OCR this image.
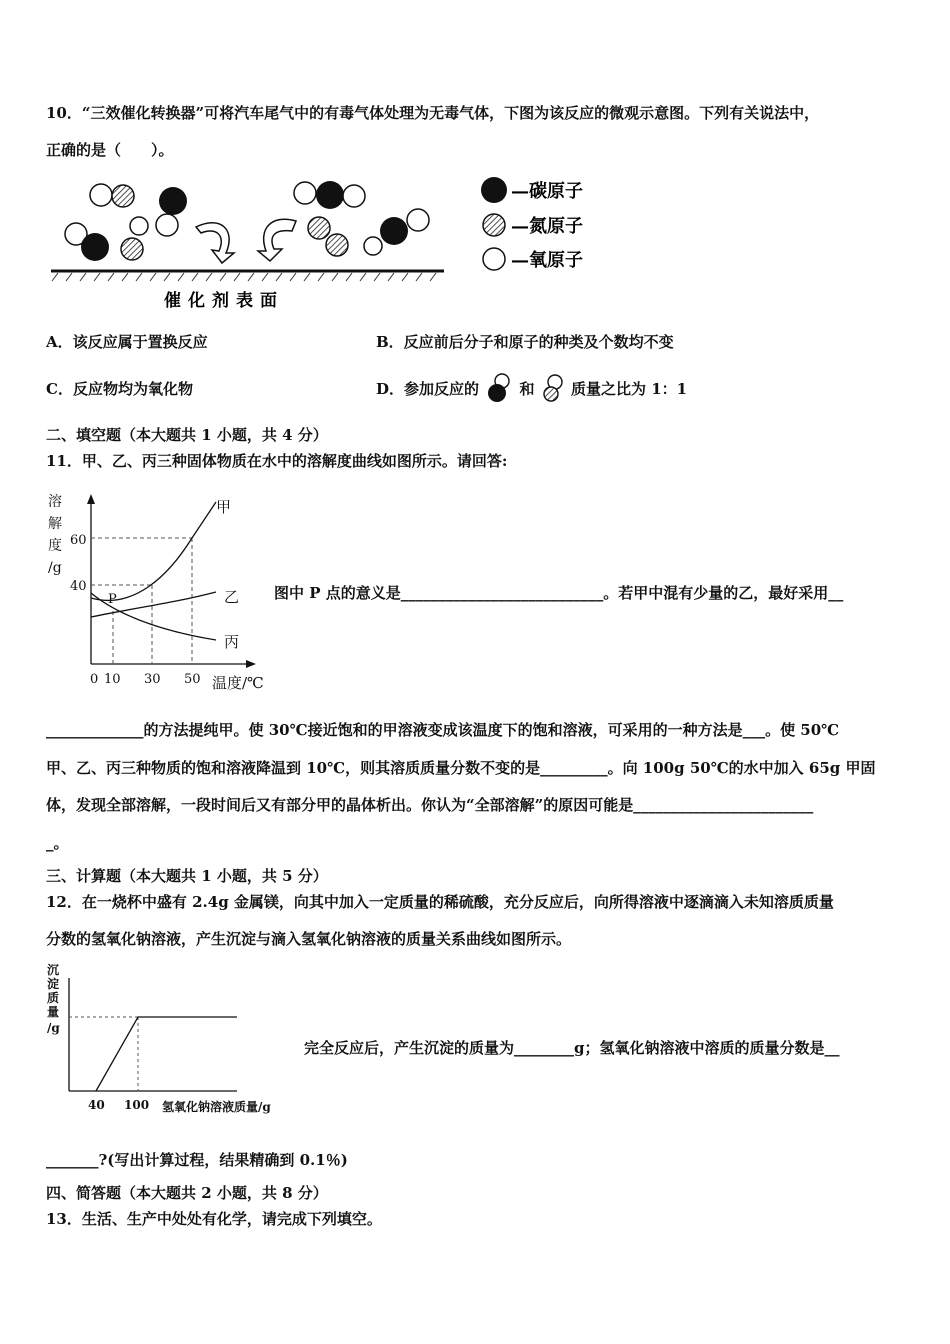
10．“三效催化转换器”可将汽车尾气中的有毒气体处理为无毒气体，下图为该反应的微观示意图。下列有关说法中，
正确的是（　　）。
催化剂表面
—碳原子
—氮原子
—氧原子
A．该反应属于置换反应	B．反应前后分子和原子的种类及个数均不变
C．反应物均为氧化物	D．参加反应的	和 质量之比为 1：1
二、填空题（本大题共 1 小题，共 4 分）
11．甲、乙、丙三种固体物质在水中的溶解度曲线如图所示。请回答:
溶
解
度
/g
60
40
P
0 10 30 50 温度/℃
甲
乙
丙
图中 P 点的意义是___________________________。若甲中混有少量的乙，最好采用__
_____________的方法提纯甲。使 30℃接近饱和的甲溶液变成该温度下的饱和溶液，可采用的一种方法是___。使 50℃
甲、乙、丙三种物质的饱和溶液降温到 10℃，则其溶质质量分数不变的是_________。向 100g 50℃的水中加入 65g 甲固
体，发现全部溶解，一段时间后又有部分甲的晶体析出。你认为“全部溶解”的原因可能是________________________
_。
三、计算题（本大题共 1 小题，共 5 分）
12．在一烧杯中盛有 2.4g 金属镁，向其中加入一定质量的稀硫酸，充分反应后，向所得溶液中逐滴滴入未知溶质质量
分数的氢氧化钠溶液，产生沉淀与滴入氢氧化钠溶液的质量关系曲线如图所示。
沉
淀
质
量
/g
40 100 氢氧化钠溶液质量/g
完全反应后，产生沉淀的质量为________g；氢氧化钠溶液中溶质的质量分数是__
_______?(写出计算过程，结果精确到 0.1％)
四、简答题（本大题共 2 小题，共 8 分）
13．生活、生产中处处有化学，请完成下列填空。
